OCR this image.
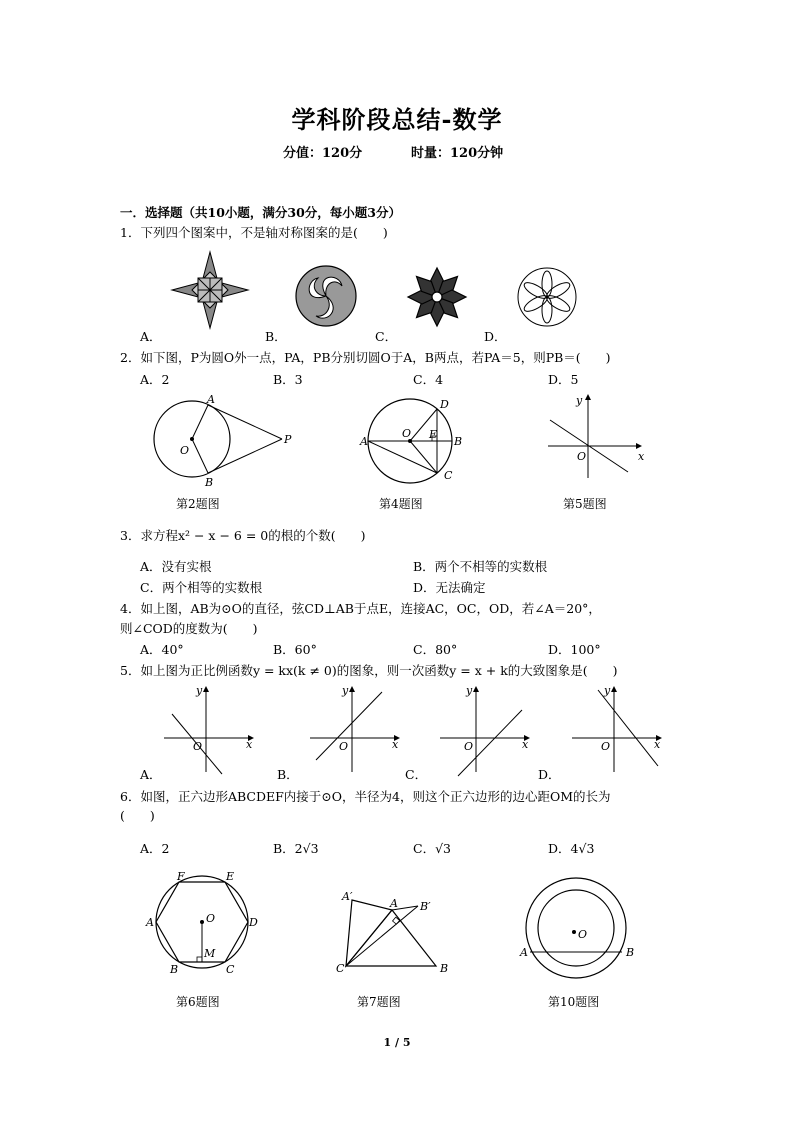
学科阶段总结-数学
分值：120分	时量：120分钟
一．选择题（共10小题，满分30分，每小题3分）
1．下列四个图案中，不是轴对称图案的是(　　)
A．	B．	C．	D．
2．如下图，P为圆O外一点，PA，PB分别切圆O于A，B两点，若PA＝5，则PB＝(　　)
A．2	B．3	C．4	D．5
A
B
P
O
A	B
D
C
O E
y
x
O
第2题图	第4题图	第5题图
3．求方程x² − x − 6 = 0的根的个数(　　)
A．没有实根	B．两个不相等的实数根
C．两个相等的实数根	D．无法确定
4．如上图，AB为⊙O的直径，弦CD⊥AB于点E，连接AC，OC，OD，若∠A＝20°，
则∠COD的度数为(　　)
A．40°	B．60°	C．80°	D．100°
5．如上图为正比例函数y = kx(k ≠ 0)的图象，则一次函数y = x + k的大致图象是(　　)
y
x
O
y
x
O
y
x
O
y
x
O
A．	B．	C．	D．
6．如图，正六边形ABCDEF内接于⊙O，半径为4，则这个正六边形的边心距OM的长为
(　　)
A．2	B．2√3	C．√3	D．4√3
F	E
D
C
B
A	O
M
A′
A B′
C	B
O
A	B
第6题图	第7题图	第10题图
1 / 5
